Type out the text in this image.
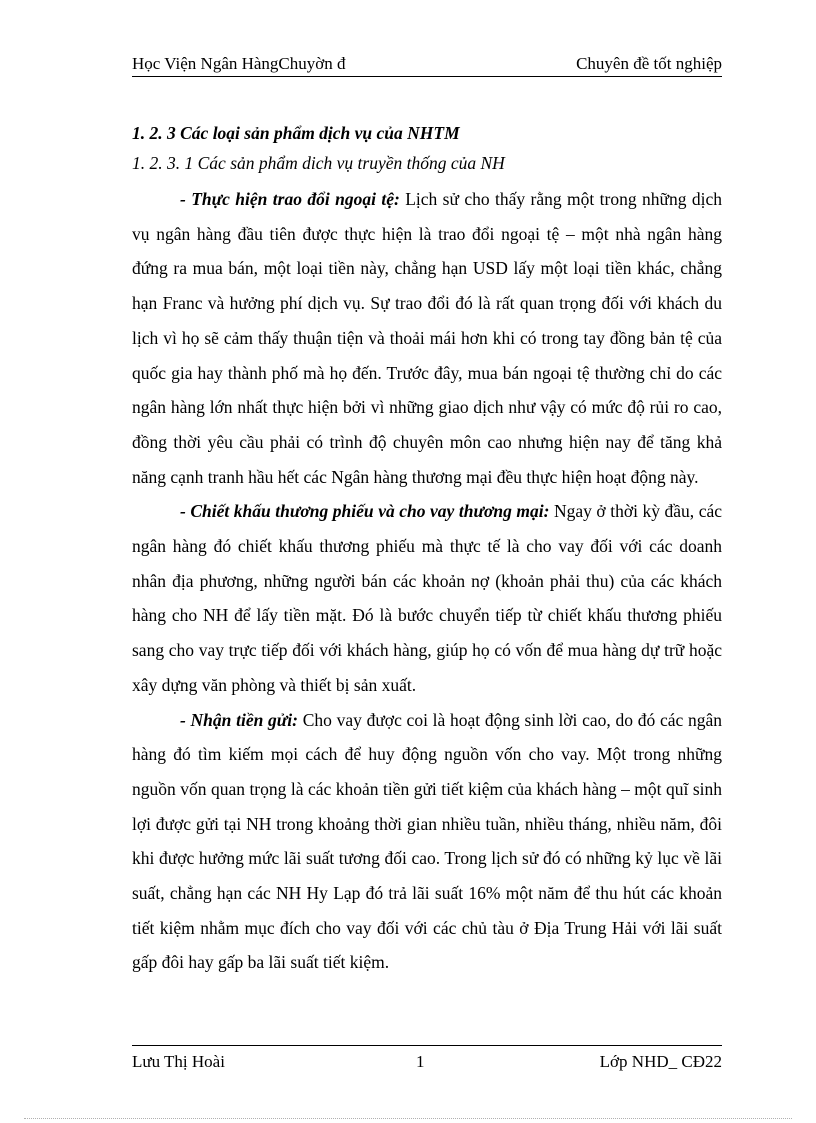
Học Viện Ngân HàngChuyờn đ	Chuyên đề tốt nghiệp

1. 2. 3 Các loại sản phẩm dịch vụ của NHTM

1. 2. 3. 1 Các sản phẩm dich vụ truyền thống của NH

- Thực hiện trao đổi ngoại tệ: Lịch sử cho thấy rằng một trong những dịch vụ ngân hàng đầu tiên được thực hiện là trao đổi ngoại tệ – một nhà ngân hàng đứng ra mua bán, một loại tiền này, chẳng hạn USD lấy một loại tiền khác, chẳng hạn Franc và hưởng phí dịch vụ. Sự trao đổi đó là rất quan trọng đối với khách du lịch vì họ sẽ cảm thấy thuận tiện và thoải mái hơn khi có trong tay đồng bản tệ của quốc gia hay thành phố mà họ đến. Trước đây, mua bán ngoại tệ thường chỉ do các ngân hàng lớn nhất thực hiện bởi vì những giao dịch như vậy có mức độ rủi ro cao, đồng thời yêu cầu phải có trình độ chuyên môn cao nhưng hiện nay để tăng khả năng cạnh tranh hầu hết các Ngân hàng thương mại đều thực hiện hoạt động này.

- Chiết khấu thương phiếu và cho vay thương mại: Ngay ở thời kỳ đầu, các ngân hàng đó chiết khấu thương phiếu mà thực tế là cho vay đối với các doanh nhân địa phương, những người bán các khoản nợ (khoản phải thu) của các khách hàng cho NH để lấy tiền mặt. Đó là bước chuyển tiếp từ chiết khấu thương phiếu sang cho vay trực tiếp đối với khách hàng, giúp họ có vốn để mua hàng dự trữ hoặc xây dựng văn phòng và thiết bị sản xuất.

- Nhận tiền gửi: Cho vay được coi là hoạt động sinh lời cao, do đó các ngân hàng đó tìm kiếm mọi cách để huy động nguồn vốn cho vay. Một trong những nguồn vốn quan trọng là các khoản tiền gửi tiết kiệm của khách hàng – một quĩ sinh lợi được gửi tại NH trong khoảng thời gian nhiều tuần, nhiều tháng, nhiều năm, đôi khi được hưởng mức lãi suất tương đối cao. Trong lịch sử đó có những kỷ lục về lãi suất, chẳng hạn các NH Hy Lạp đó trả lãi suất 16% một năm để thu hút các khoản tiết kiệm nhằm mục đích cho vay đối với các chủ tàu ở Địa Trung Hải với lãi suất gấp đôi hay gấp ba lãi suất tiết kiệm.

Lưu Thị Hoài	1	Lớp NHD_ CĐ22
